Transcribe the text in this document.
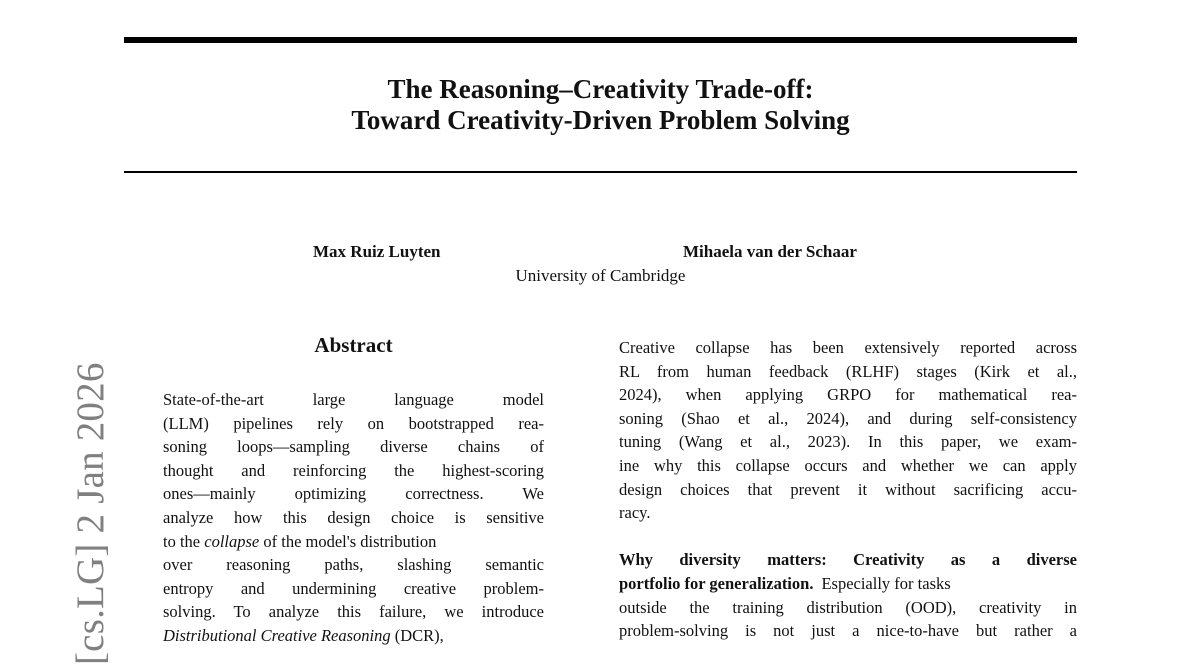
The Reasoning–Creativity Trade-off:
Toward Creativity-Driven Problem Solving
Max Ruiz Luyten	Mihaela van der Schaar
University of Cambridge
[cs.LG] 2 Jan 2026
Abstract
State-of-the-art large language model
(LLM) pipelines rely on bootstrapped rea-
soning loops—sampling diverse chains of
thought and reinforcing the highest-scoring
ones—mainly optimizing correctness. We
analyze how this design choice is sensitive
to the collapse of the model's distribution
over reasoning paths, slashing semantic
entropy and undermining creative problem-
solving. To analyze this failure, we introduce
Distributional Creative Reasoning (DCR),
Creative collapse has been extensively reported across
RL from human feedback (RLHF) stages (Kirk et al.,
2024), when applying GRPO for mathematical rea-
soning (Shao et al., 2024), and during self-consistency
tuning (Wang et al., 2023). In this paper, we exam-
ine why this collapse occurs and whether we can apply
design choices that prevent it without sacrificing accu-
racy.
Why diversity matters: Creativity as a diverse
portfolio for generalization. Especially for tasks
outside the training distribution (OOD), creativity in
problem-solving is not just a nice-to-have but rather a
